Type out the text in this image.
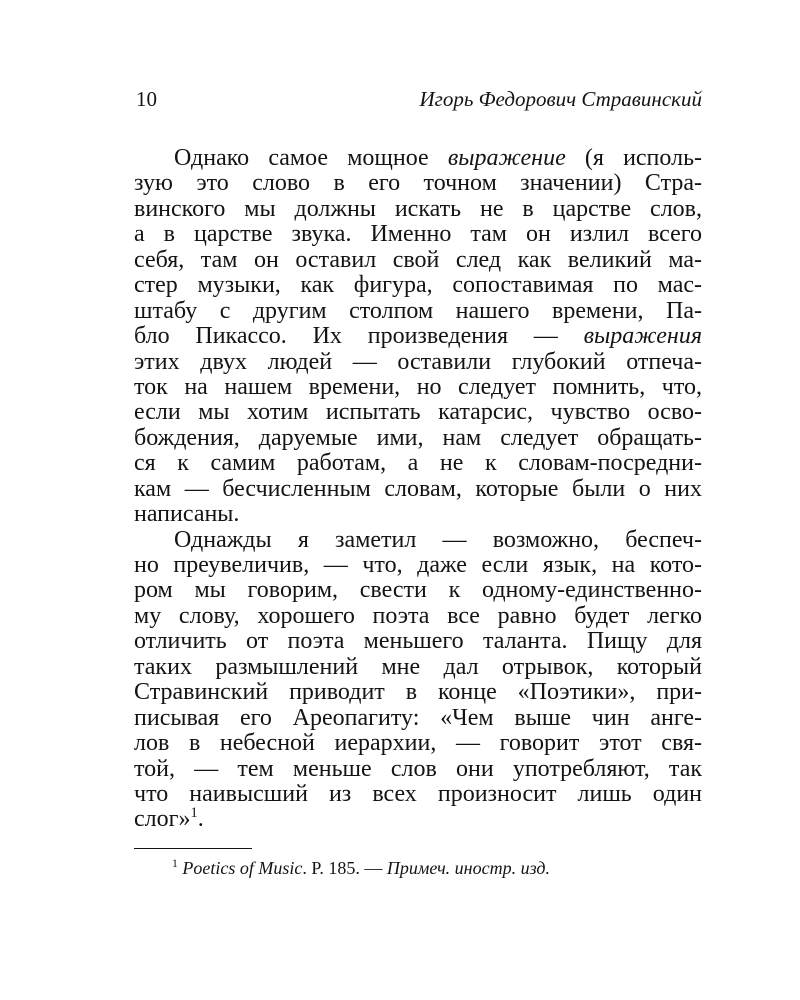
10	Игорь Федорович Стравинский
Однако самое мощное выражение (я исполь-
зую это слово в его точном значении) Стра-
винского мы должны искать не в царстве слов,
а в царстве звука. Именно там он излил всего
себя, там он оставил свой след как великий ма-
стер музыки, как фигура, сопоставимая по мас-
штабу с другим столпом нашего времени, Па-
бло Пикассо. Их произведения — выражения
этих двух людей — оставили глубокий отпеча-
ток на нашем времени, но следует помнить, что,
если мы хотим испытать катарсис, чувство осво-
бождения, даруемые ими, нам следует обращать-
ся к самим работам, а не к словам-посредни-
кам — бесчисленным словам, которые были о них
написаны.
Однажды я заметил — возможно, беспеч-
но преувеличив, — что, даже если язык, на кото-
ром мы говорим, свести к одному-единственно-
му слову, хорошего поэта все равно будет легко
отличить от поэта меньшего таланта. Пищу для
таких размышлений мне дал отрывок, который
Стравинский приводит в конце «Поэтики», при-
писывая его Ареопагиту: «Чем выше чин анге-
лов в небесной иерархии, — говорит этот свя-
той, — тем меньше слов они употребляют, так
что наивысший из всех произносит лишь один
слог»$^1$.
$^1$ Poetics of Music. P. 185. — Примеч. иностр. изд.
